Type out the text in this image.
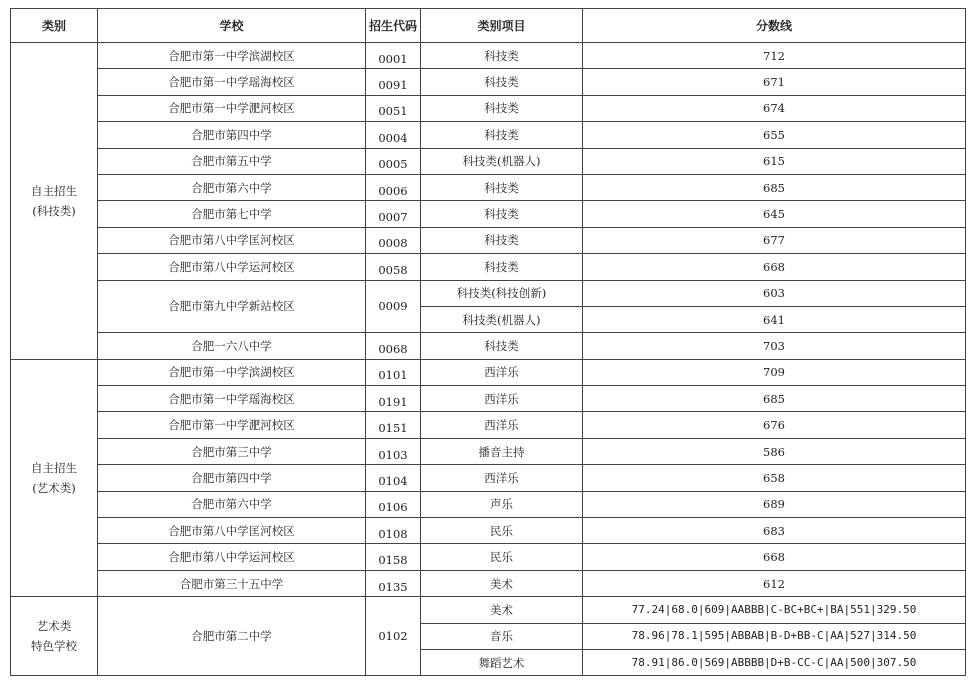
类别	学校	招生代码	类别项目	分数线

自主招生
(科技类)	合肥市第一中学滨湖校区	0001	科技类	712
	合肥市第一中学瑶海校区	0091	科技类	671
	合肥市第一中学淝河校区	0051	科技类	674
	合肥市第四中学	0004	科技类	655
	合肥市第五中学	0005	科技类(机器人)	615
	合肥市第六中学	0006	科技类	685
	合肥市第七中学	0007	科技类	645
	合肥市第八中学匡河校区	0008	科技类	677
	合肥市第八中学运河校区	0058	科技类	668
	合肥市第九中学新站校区	0009	科技类(科技创新)	603
			科技类(机器人)	641
	合肥一六八中学	0068	科技类	703

自主招生
(艺术类)	合肥市第一中学滨湖校区	0101	西洋乐	709
	合肥市第一中学瑶海校区	0191	西洋乐	685
	合肥市第一中学淝河校区	0151	西洋乐	676
	合肥市第三中学	0103	播音主持	586
	合肥市第四中学	0104	西洋乐	658
	合肥市第六中学	0106	声乐	689
	合肥市第八中学匡河校区	0108	民乐	683
	合肥市第八中学运河校区	0158	民乐	668
	合肥市第三十五中学	0135	美术	612

艺术类
特色学校	合肥市第二中学	0102	美术	77.24|68.0|609|AABBB|C-BC+BC+|BA|551|329.50
			音乐	78.96|78.1|595|ABBAB|B-D+BB-C|AA|527|314.50
			舞蹈艺术	78.91|86.0|569|ABBBB|D+B-CC-C|AA|500|307.50
